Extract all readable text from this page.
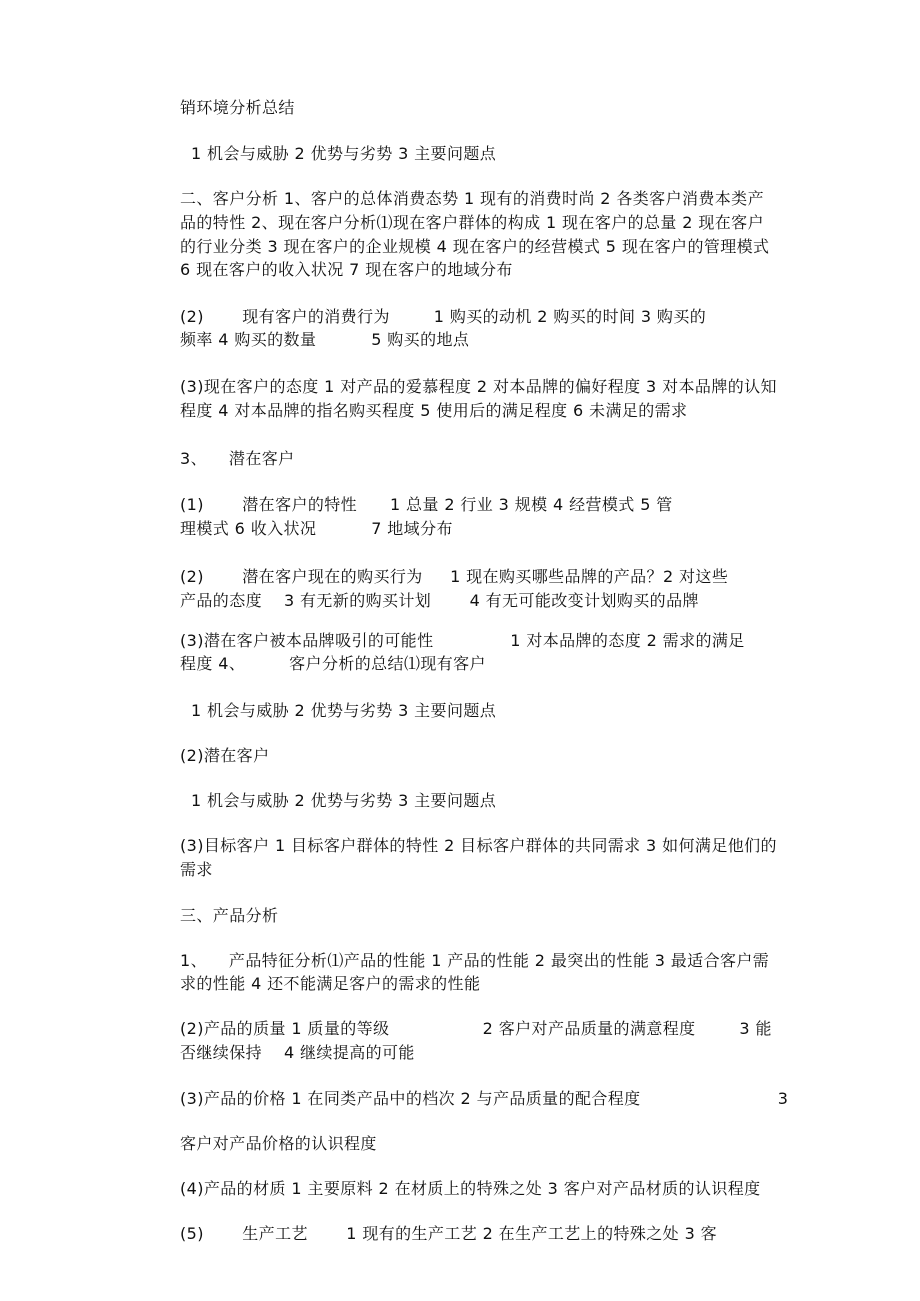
销环境分析总结

1 机会与威胁 2 优势与劣势 3 主要问题点

二、客户分析 1、客户的总体消费态势 1 现有的消费时尚 2 各类客户消费本类产

品的特性 2、现在客户分析⑴现在客户群体的构成 1 现在客户的总量 2 现在客户

的行业分类 3 现在客户的企业规模 4 现在客户的经营模式 5 现在客户的管理模式

6 现在客户的收入状况 7 现在客户的地域分布

(2)       现有客户的消费行为        1 购买的动机 2 购买的时间 3 购买的

频率 4 购买的数量          5 购买的地点

(3)现在客户的态度 1 对产品的爱慕程度 2 对本品牌的偏好程度 3 对本品牌的认知

程度 4 对本品牌的指名购买程度 5 使用后的满足程度 6 未满足的需求

3、    潜在客户

(1)       潜在客户的特性      1 总量 2 行业 3 规模 4 经营模式 5 管

理模式 6 收入状况          7 地域分布

(2)       潜在客户现在的购买行为     1 现在购买哪些品牌的产品？2 对这些

产品的态度    3 有无新的购买计划       4 有无可能改变计划购买的品牌

(3)潜在客户被本品牌吸引的可能性              1 对本品牌的态度 2 需求的满足

程度 4、        客户分析的总结⑴现有客户

1 机会与威胁 2 优势与劣势 3 主要问题点

(2)潜在客户

1 机会与威胁 2 优势与劣势 3 主要问题点

(3)目标客户 1 目标客户群体的特性 2 目标客户群体的共同需求 3 如何满足他们的

需求

三、产品分析

1、    产品特征分析⑴产品的性能 1 产品的性能 2 最突出的性能 3 最适合客户需

求的性能 4 还不能满足客户的需求的性能

(2)产品的质量 1 质量的等级                 2 客户对产品质量的满意程度        3 能

否继续保持    4 继续提高的可能

(3)产品的价格 1 在同类产品中的档次 2 与产品质量的配合程度                         3

客户对产品价格的认识程度

(4)产品的材质 1 主要原料 2 在材质上的特殊之处 3 客户对产品材质的认识程度

(5)       生产工艺       1 现有的生产工艺 2 在生产工艺上的特殊之处 3 客
